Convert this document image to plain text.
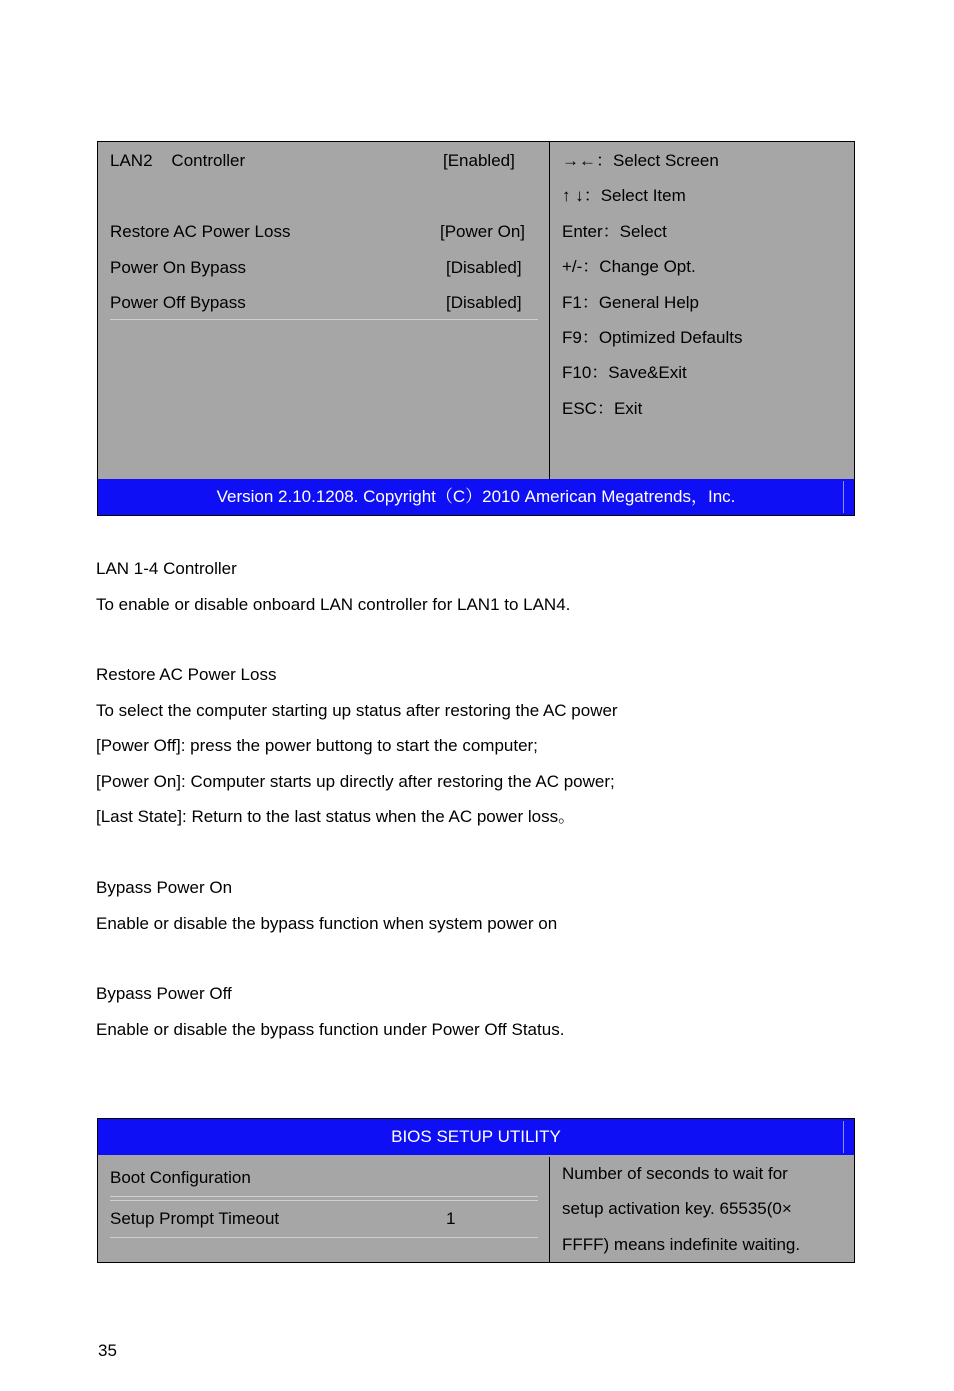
LAN2    Controller	[Enabled]
Restore AC Power Loss	[Power On]
Power On Bypass	[Disabled]
Power Off Bypass	[Disabled]
→←：Select Screen
↑ ↓：Select Item
Enter：Select
+/-：Change Opt.
F1：General Help
F9：Optimized Defaults
F10：Save&Exit
ESC：Exit
Version 2.10.1208. Copyright（C）2010 American Megatrends，Inc.
LAN 1-4 Controller
To enable or disable onboard LAN controller for LAN1 to LAN4.
Restore AC Power Loss
To select the computer starting up status after restoring the AC power
[Power Off]: press the power buttong to start the computer;
[Power On]: Computer starts up directly after restoring the AC power;
[Last State]: Return to the last status when the AC power loss。
Bypass Power On
Enable or disable the bypass function when system power on
Bypass Power Off
Enable or disable the bypass function under Power Off Status.
BIOS SETUP UTILITY
Boot Configuration
Setup Prompt Timeout	1
Number of seconds to wait for
setup activation key. 65535(0×
FFFF) means indefinite waiting.
35
